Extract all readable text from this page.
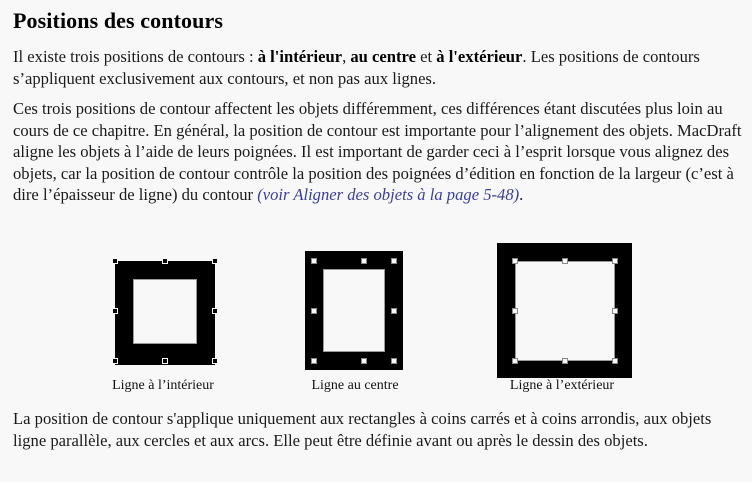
Positions des contours

Il existe trois positions de contours : à l'intérieur, au centre et à l'extérieur. Les positions de contours s’appliquent exclusivement aux contours, et non pas aux lignes.

Ces trois positions de contour affectent les objets différemment, ces différences étant discutées plus loin au cours de ce chapitre. En général, la position de contour est importante pour l’alignement des objets. MacDraft aligne les objets à l’aide de leurs poignées. Il est important de garder ceci à l’esprit lorsque vous alignez des objets, car la position de contour contrôle la position des poignées d’édition en fonction de la largeur (c’est à dire l’épaisseur de ligne) du contour (voir Aligner des objets à la page 5-48).

Ligne à l’intérieur	Ligne au centre	Ligne à l’extérieur

La position de contour s'applique uniquement aux rectangles à coins carrés et à coins arrondis, aux objets ligne parallèle, aux cercles et aux arcs. Elle peut être définie avant ou après le dessin des objets.
